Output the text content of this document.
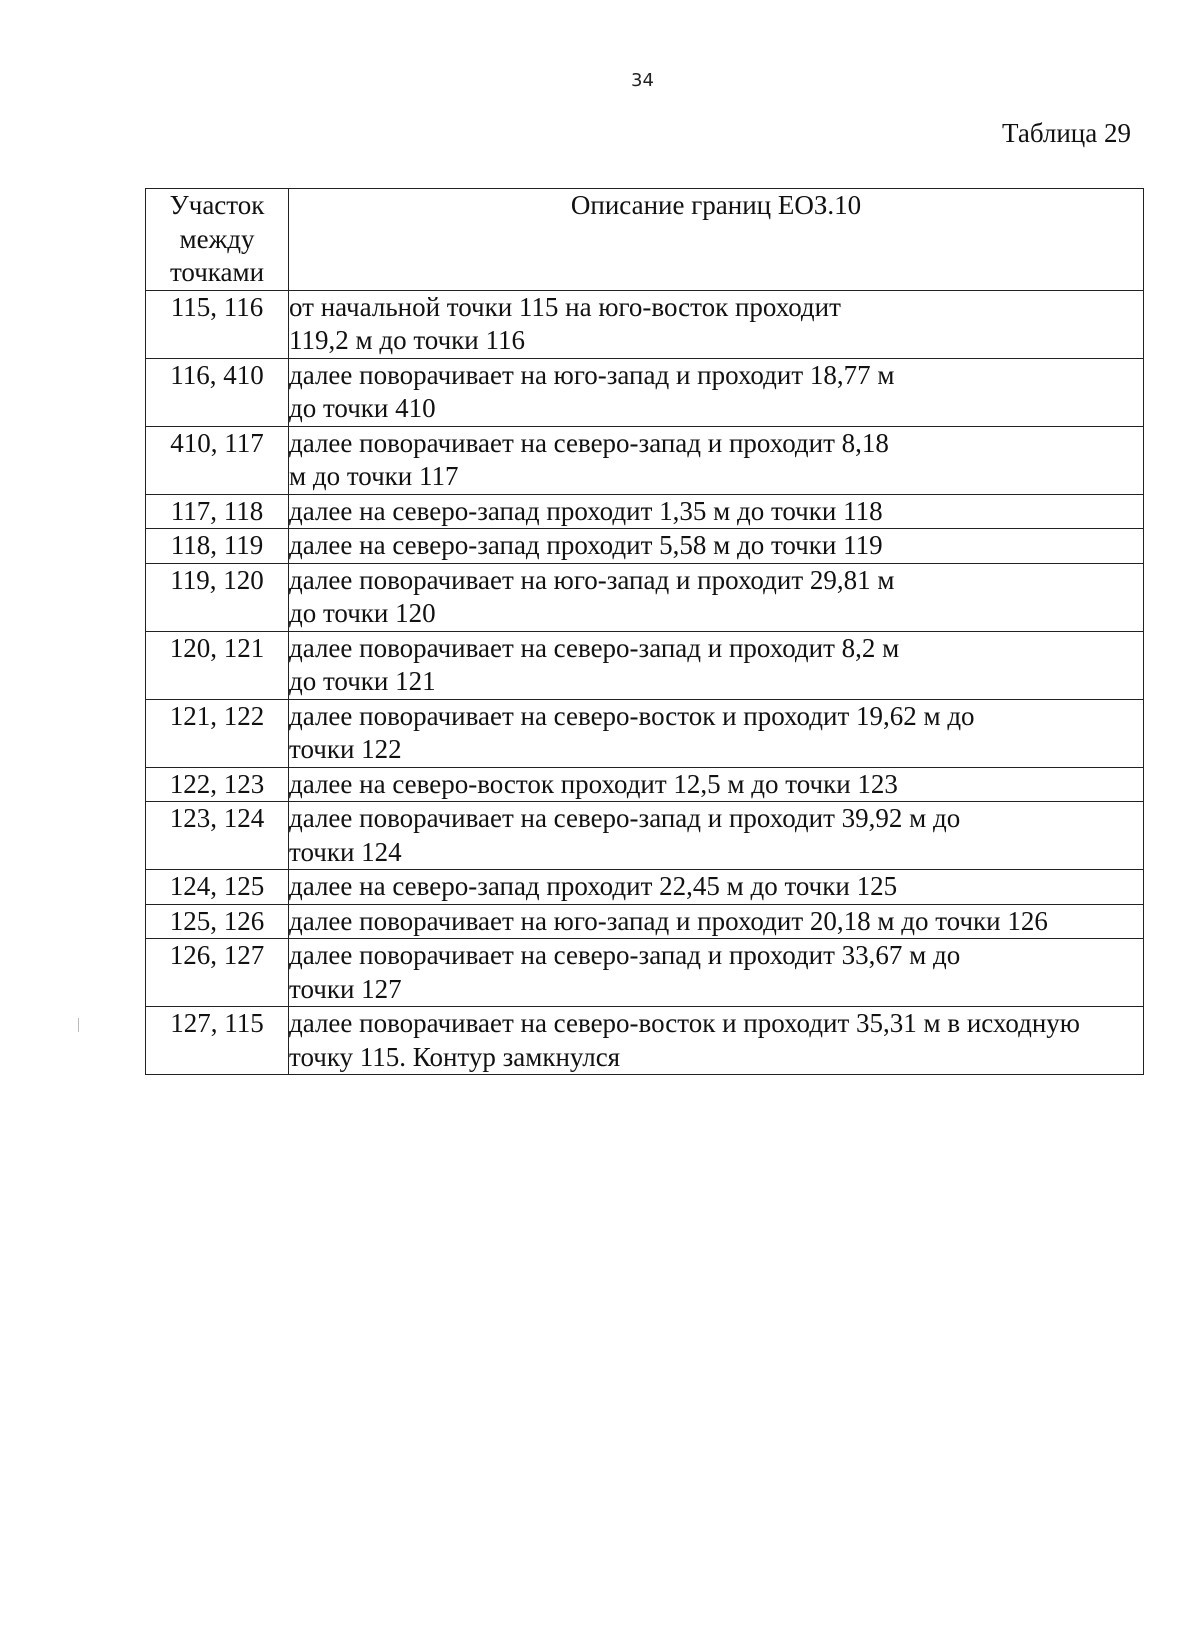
34
Таблица 29
Участок между точками	Описание границ ЕОЗ.10
115, 116	от начальной точки 115 на юго-восток проходит 119,2 м до точки 116
116, 410	далее поворачивает на юго-запад и проходит 18,77 м до точки 410
410, 117	далее поворачивает на северо-запад и проходит 8,18 м до точки 117
117, 118	далее на северо-запад проходит 1,35 м до точки 118
118, 119	далее на северо-запад проходит 5,58 м до точки 119
119, 120	далее поворачивает на юго-запад и проходит 29,81 м до точки 120
120, 121	далее поворачивает на северо-запад и проходит 8,2 м до точки 121
121, 122	далее поворачивает на северо-восток и проходит 19,62 м до точки 122
122, 123	далее на северо-восток проходит 12,5 м до точки 123
123, 124	далее поворачивает на северо-запад и проходит 39,92 м до точки 124
124, 125	далее на северо-запад проходит 22,45 м до точки 125
125, 126	далее поворачивает на юго-запад и проходит 20,18 м до точки 126
126, 127	далее поворачивает на северо-запад и проходит 33,67 м до точки 127
127, 115	далее поворачивает на северо-восток и проходит 35,31 м в исходную точку 115. Контур замкнулся
